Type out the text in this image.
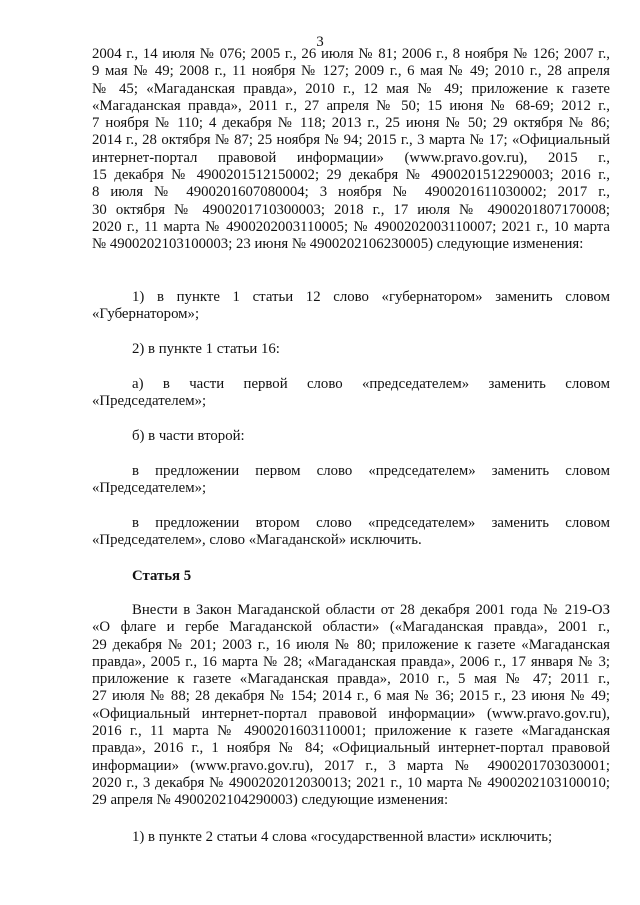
3
2004 г., 14 июля № 076; 2005 г., 26 июля № 81; 2006 г., 8 ноября № 126; 2007 г.,
9 мая № 49; 2008 г., 11 ноября № 127; 2009 г., 6 мая № 49; 2010 г., 28 апреля
№ 45; «Магаданская правда», 2010 г., 12 мая № 49; приложение к газете
«Магаданская правда», 2011 г., 27 апреля № 50; 15 июня № 68-69; 2012 г.,
7 ноября № 110; 4 декабря № 118; 2013 г., 25 июня № 50; 29 октября № 86;
2014 г., 28 октября № 87; 25 ноября № 94; 2015 г., 3 марта № 17; «Официальный
интернет-портал правовой информации» (www.pravo.gov.ru), 2015 г.,
15 декабря № 4900201512150002; 29 декабря № 4900201512290003; 2016 г.,
8 июля № 4900201607080004; 3 ноября № 4900201611030002; 2017 г.,
30 октября № 4900201710300003; 2018 г., 17 июля № 4900201807170008;
2020 г., 11 марта № 4900202003110005; № 4900202003110007; 2021 г., 10 марта
№ 4900202103100003; 23 июня № 4900202106230005) следующие изменения:
1) в пункте 1 статьи 12 слово «губернатором» заменить словом
«Губернатором»;
2) в пункте 1 статьи 16:
а) в части первой слово «председателем» заменить словом
«Председателем»;
б) в части второй:
в предложении первом слово «председателем» заменить словом
«Председателем»;
в предложении втором слово «председателем» заменить словом
«Председателем», слово «Магаданской» исключить.
Статья 5
Внести в Закон Магаданской области от 28 декабря 2001 года № 219-ОЗ
«О флаге и гербе Магаданской области» («Магаданская правда», 2001 г.,
29 декабря № 201; 2003 г., 16 июля № 80; приложение к газете «Магаданская
правда», 2005 г., 16 марта № 28; «Магаданская правда», 2006 г., 17 января № 3;
приложение к газете «Магаданская правда», 2010 г., 5 мая № 47; 2011 г.,
27 июля № 88; 28 декабря № 154; 2014 г., 6 мая № 36; 2015 г., 23 июня № 49;
«Официальный интернет-портал правовой информации» (www.pravo.gov.ru),
2016 г., 11 марта № 4900201603110001; приложение к газете «Магаданская
правда», 2016 г., 1 ноября № 84; «Официальный интернет-портал правовой
информации» (www.pravo.gov.ru), 2017 г., 3 марта № 4900201703030001;
2020 г., 3 декабря № 4900202012030013; 2021 г., 10 марта № 4900202103100010;
29 апреля № 4900202104290003) следующие изменения:
1) в пункте 2 статьи 4 слова «государственной власти» исключить;
